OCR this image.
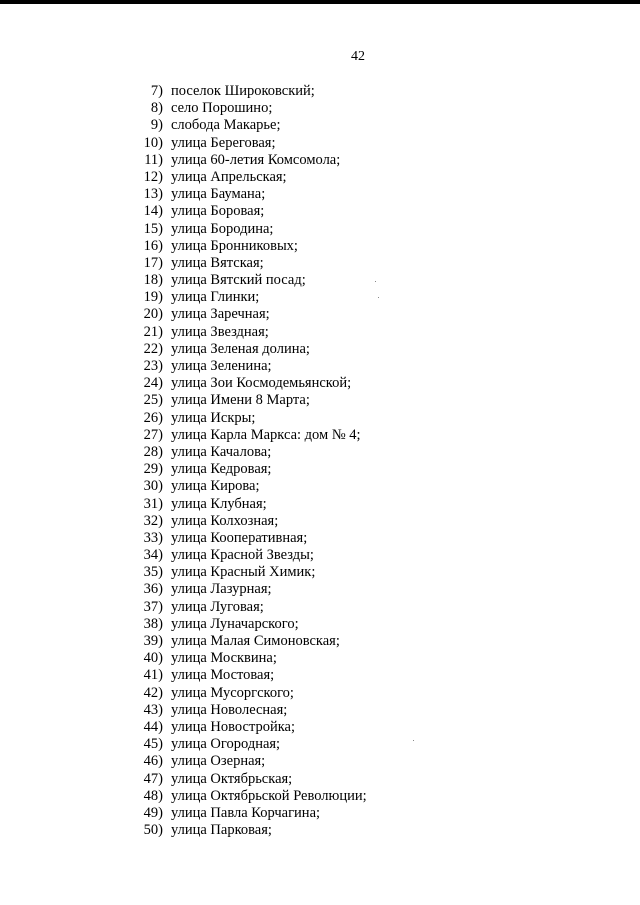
42
7) поселок Широковский;
8) село Порошино;
9) слобода Макарье;
10) улица Береговая;
11) улица 60-летия Комсомола;
12) улица Апрельская;
13) улица Баумана;
14) улица Боровая;
15) улица Бородина;
16) улица Бронниковых;
17) улица Вятская;
18) улица Вятский посад;
19) улица Глинки;
20) улица Заречная;
21) улица Звездная;
22) улица Зеленая долина;
23) улица Зеленина;
24) улица Зои Космодемьянской;
25) улица Имени 8 Марта;
26) улица Искры;
27) улица Карла Маркса: дом № 4;
28) улица Качалова;
29) улица Кедровая;
30) улица Кирова;
31) улица Клубная;
32) улица Колхозная;
33) улица Кооперативная;
34) улица Красной Звезды;
35) улица Красный Химик;
36) улица Лазурная;
37) улица Луговая;
38) улица Луначарского;
39) улица Малая Симоновская;
40) улица Москвина;
41) улица Мостовая;
42) улица Мусоргского;
43) улица Новолесная;
44) улица Новостройка;
45) улица Огородная;
46) улица Озерная;
47) улица Октябрьская;
48) улица Октябрьской Революции;
49) улица Павла Корчагина;
50) улица Парковая;
